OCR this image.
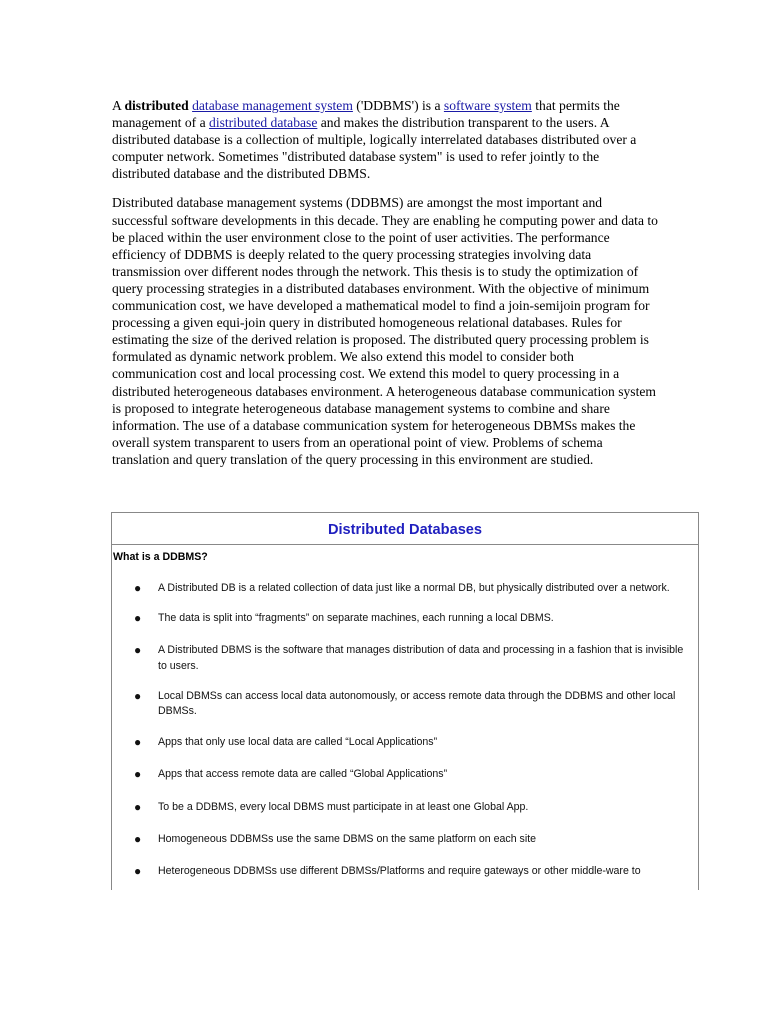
A distributed database management system ('DDBMS') is a software system that permits the management of a distributed database and makes the distribution transparent to the users. A distributed database is a collection of multiple, logically interrelated databases distributed over a computer network. Sometimes "distributed database system" is used to refer jointly to the distributed database and the distributed DBMS.

Distributed database management systems (DDBMS) are amongst the most important and successful software developments in this decade. They are enabling he computing power and data to be placed within the user environment close to the point of user activities. The performance efficiency of DDBMS is deeply related to the query processing strategies involving data transmission over different nodes through the network. This thesis is to study the optimization of query processing strategies in a distributed databases environment. With the objective of minimum communication cost, we have developed a mathematical model to find a join-semijoin program for processing a given equi-join query in distributed homogeneous relational databases. Rules for estimating the size of the derived relation is proposed. The distributed query processing problem is formulated as dynamic network problem. We also extend this model to consider both communication cost and local processing cost. We extend this model to query processing in a distributed heterogeneous databases environment. A heterogeneous database communication system is proposed to integrate heterogeneous database management systems to combine and share information. The use of a database communication system for heterogeneous DBMSs makes the overall system transparent to users from an operational point of view. Problems of schema translation and query translation of the query processing in this environment are studied.

Distributed Databases
What is a DDBMS?
● A Distributed DB is a related collection of data just like a normal DB, but physically distributed over a network.
● The data is split into “fragments” on separate machines, each running a local DBMS.
● A Distributed DBMS is the software that manages distribution of data and processing in a fashion that is invisible to users.
● Local DBMSs can access local data autonomously, or access remote data through the DDBMS and other local DBMSs.
● Apps that only use local data are called “Local Applications”
● Apps that access remote data are called “Global Applications”
● To be a DDBMS, every local DBMS must participate in at least one Global App.
● Homogeneous DDBMSs use the same DBMS on the same platform on each site
● Heterogeneous DDBMSs use different DBMSs/Platforms and require gateways or other middle-ware to
